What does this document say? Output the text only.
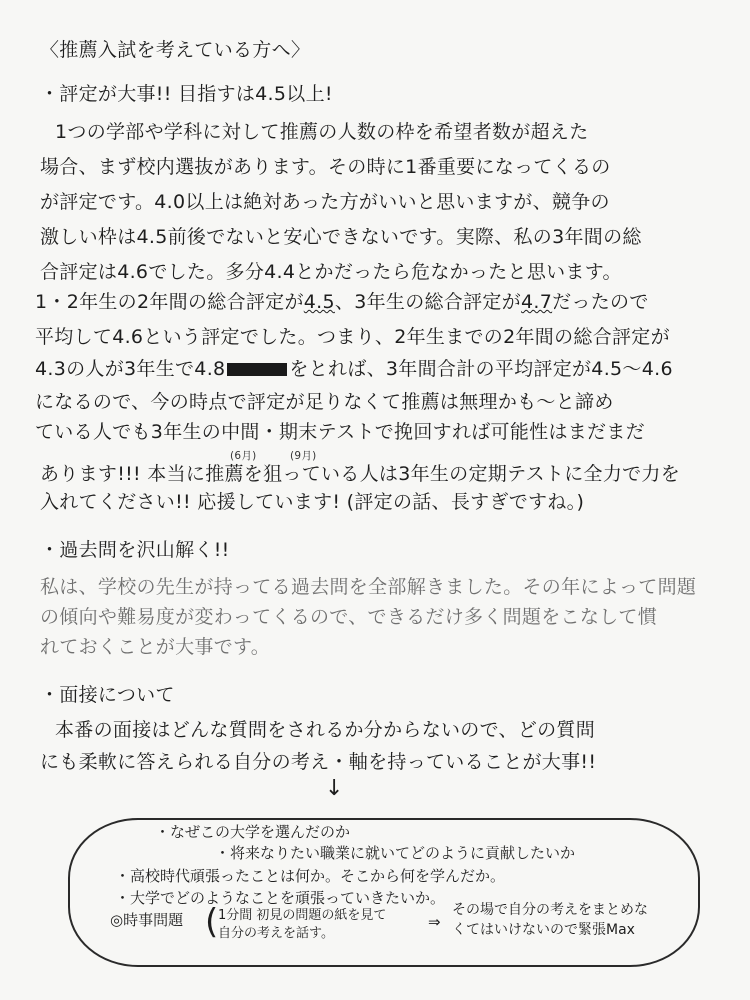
〈推薦入試を考えている方へ〉
・評定が大事!! 目指すは4.5以上!
1つの学部や学科に対して推薦の人数の枠を希望者数が超えた
場合、まず校内選抜があります。その時に1番重要になってくるの
が評定です。4.0以上は絶対あった方がいいと思いますが、競争の
激しい枠は4.5前後でないと安心できないです。実際、私の3年間の総
合評定は4.6でした。多分4.4とかだったら危なかったと思います。
1・2年生の2年間の総合評定が4.5、3年生の総合評定が4.7だったので
平均して4.6という評定でした。つまり、2年生までの2年間の総合評定が
4.3の人が3年生で4.8	をとれば、3年間合計の平均評定が4.5〜4.6
になるので、今の時点で評定が足りなくて推薦は無理かも〜と諦め
ている人でも3年生の中間・期末テストで挽回すれば可能性はまだまだ
(6月)	(9月)
あります!!! 本当に推薦を狙っている人は3年生の定期テストに全力で力を
入れてください!! 応援しています! (評定の話、長すぎですね。)
・過去問を沢山解く!!
私は、学校の先生が持ってる過去問を全部解きました。その年によって問題
の傾向や難易度が変わってくるので、できるだけ多く問題をこなして慣
れておくことが大事です。
・面接について
本番の面接はどんな質問をされるか分からないので、どの質問
にも柔軟に答えられる自分の考え・軸を持っていることが大事!!
↓
・なぜこの大学を選んだのか
・将来なりたい職業に就いてどのように貢献したいか
・高校時代頑張ったことは何か。そこから何を学んだか。
・大学でどのようなことを頑張っていきたいか。
◎時事問題 ( 1分間 初見の問題の紙を見て
自分の考えを話す。
⇒
その場で自分の考えをまとめな
くてはいけないので緊張Max
